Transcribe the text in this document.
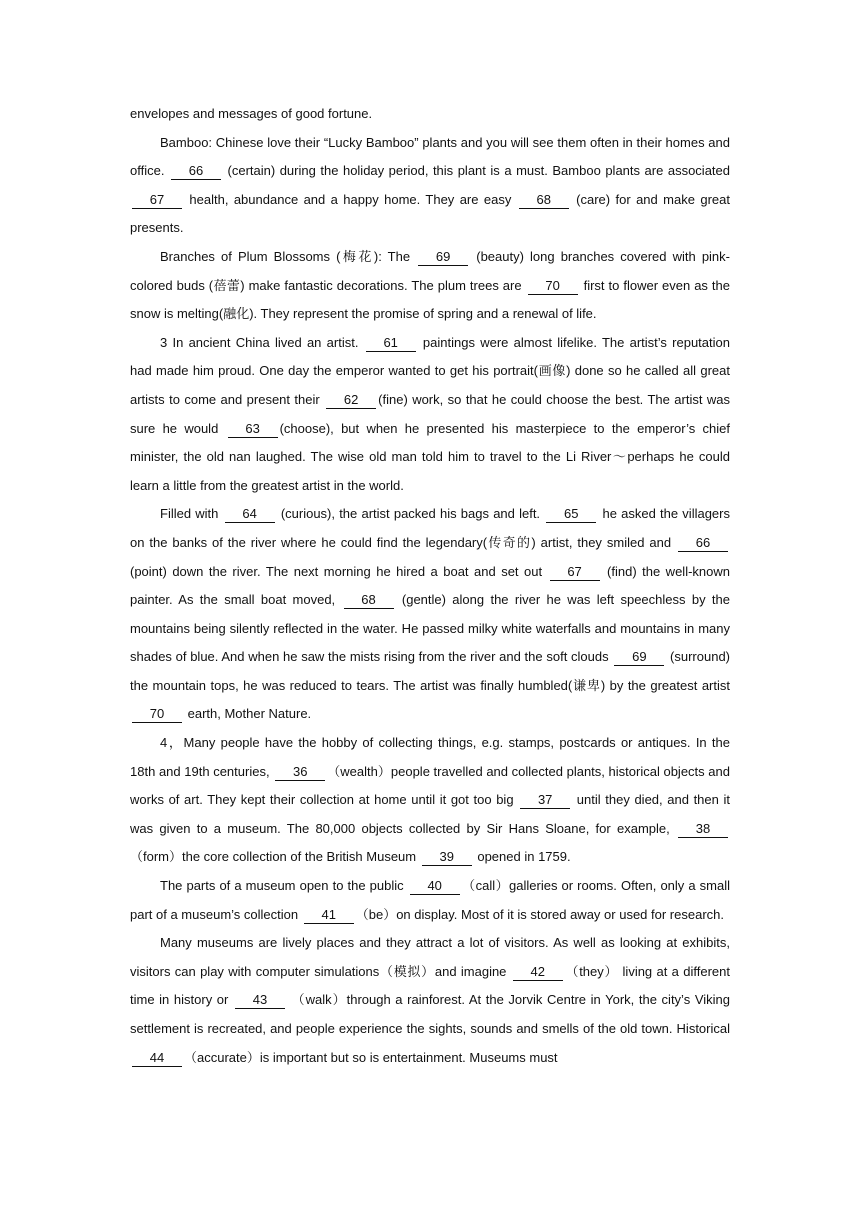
envelopes and messages of good fortune.

Bamboo: Chinese love their “Lucky Bamboo” plants and you will see them often in their homes and office. 66 (certain) during the holiday period, this plant is a must. Bamboo plants are associated 67 health, abundance and a happy home. They are easy 68 (care) for and make great presents.

Branches of Plum Blossoms (梅花): The 69 (beauty) long branches covered with pink-colored buds (蓓蕾) make fantastic decorations. The plum trees are 70 first to flower even as the snow is melting(融化). They represent the promise of spring and a renewal of life.

3 In ancient China lived an artist. 61 paintings were almost lifelike. The artist’s reputation had made him proud. One day the emperor wanted to get his portrait(画像) done so he called all great artists to come and present their 62 (fine) work, so that he could choose the best. The artist was sure he would 63 (choose), but when he presented his masterpiece to the emperor’s chief minister, the old nan laughed. The wise old man told him to travel to the Li River～perhaps he could learn a little from the greatest artist in the world.

Filled with 64 (curious), the artist packed his bags and left. 65 he asked the villagers on the banks of the river where he could find the legendary(传奇的) artist, they smiled and 66 (point) down the river. The next morning he hired a boat and set out 67 (find) the well-known painter. As the small boat moved, 68 (gentle) along the river he was left speechless by the mountains being silently reflected in the water. He passed milky white waterfalls and mountains in many shades of blue. And when he saw the mists rising from the river and the soft clouds 69 (surround) the mountain tops, he was reduced to tears. The artist was finally humbled(谦卑) by the greatest artist 70 earth, Mother Nature.

4，Many people have the hobby of collecting things, e.g. stamps, postcards or antiques. In the 18th and 19th centuries, 36 （wealth）people travelled and collected plants, historical objects and works of art. They kept their collection at home until it got too big 37 until they died, and then it was given to a museum. The 80,000 objects collected by Sir Hans Sloane, for example, 38（form）the core collection of the British Museum 39 opened in 1759.

The parts of a museum open to the public 40 （call）galleries or rooms. Often, only a small part of a museum’s collection 41 （be）on display. Most of it is stored away or used for research.

Many museums are lively places and they attract a lot of visitors. As well as looking at exhibits, visitors can play with computer simulations（模拟）and imagine 42 （they） living at a different time in history or 43 （walk）through a rainforest. At the Jorvik Centre in York, the city’s Viking settlement is recreated, and people experience the sights, sounds and smells of the old town. Historical 44 （accurate）is important but so is entertainment. Museums must
